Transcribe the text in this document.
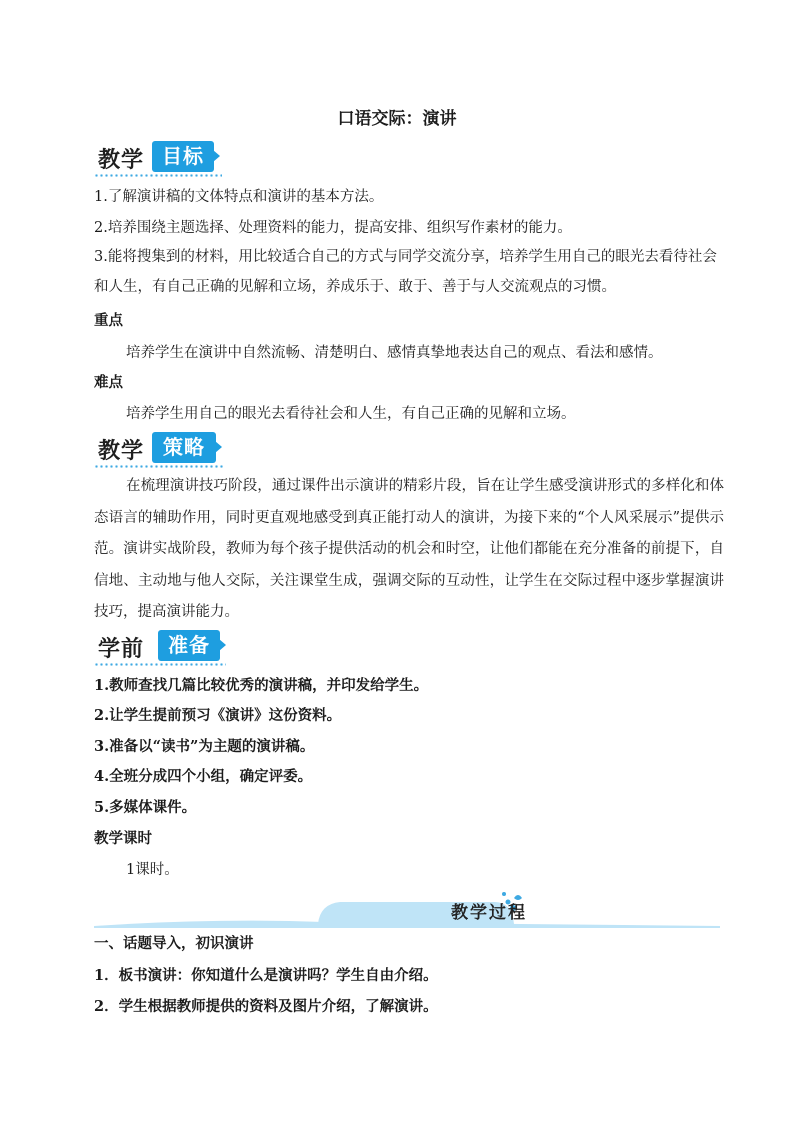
口语交际：演讲
教学 目标
1.了解演讲稿的文体特点和演讲的基本方法。
2.培养围绕主题选择、处理资料的能力，提高安排、组织写作素材的能力。
3.能将搜集到的材料，用比较适合自己的方式与同学交流分享，培养学生用自己的眼光去看待社会和人生，有自己正确的见解和立场，养成乐于、敢于、善于与人交流观点的习惯。
重点
培养学生在演讲中自然流畅、清楚明白、感情真挚地表达自己的观点、看法和感情。
难点
培养学生用自己的眼光去看待社会和人生，有自己正确的见解和立场。
教学 策略
在梳理演讲技巧阶段，通过课件出示演讲的精彩片段，旨在让学生感受演讲形式的多样化和体态语言的辅助作用，同时更直观地感受到真正能打动人的演讲，为接下来的“个人风采展示”提供示范。演讲实战阶段，教师为每个孩子提供活动的机会和时空，让他们都能在充分准备的前提下，自信地、主动地与他人交际，关注课堂生成，强调交际的互动性，让学生在交际过程中逐步掌握演讲技巧，提高演讲能力。
学前	准备
1.教师查找几篇比较优秀的演讲稿，并印发给学生。
2.让学生提前预习《演讲》这份资料。
3.准备以“读书”为主题的演讲稿。
4.全班分成四个小组，确定评委。
5.多媒体课件。
教学课时
1课时。
教学过程
一、话题导入，初识演讲
1．板书演讲：你知道什么是演讲吗？学生自由介绍。
2．学生根据教师提供的资料及图片介绍，了解演讲。
